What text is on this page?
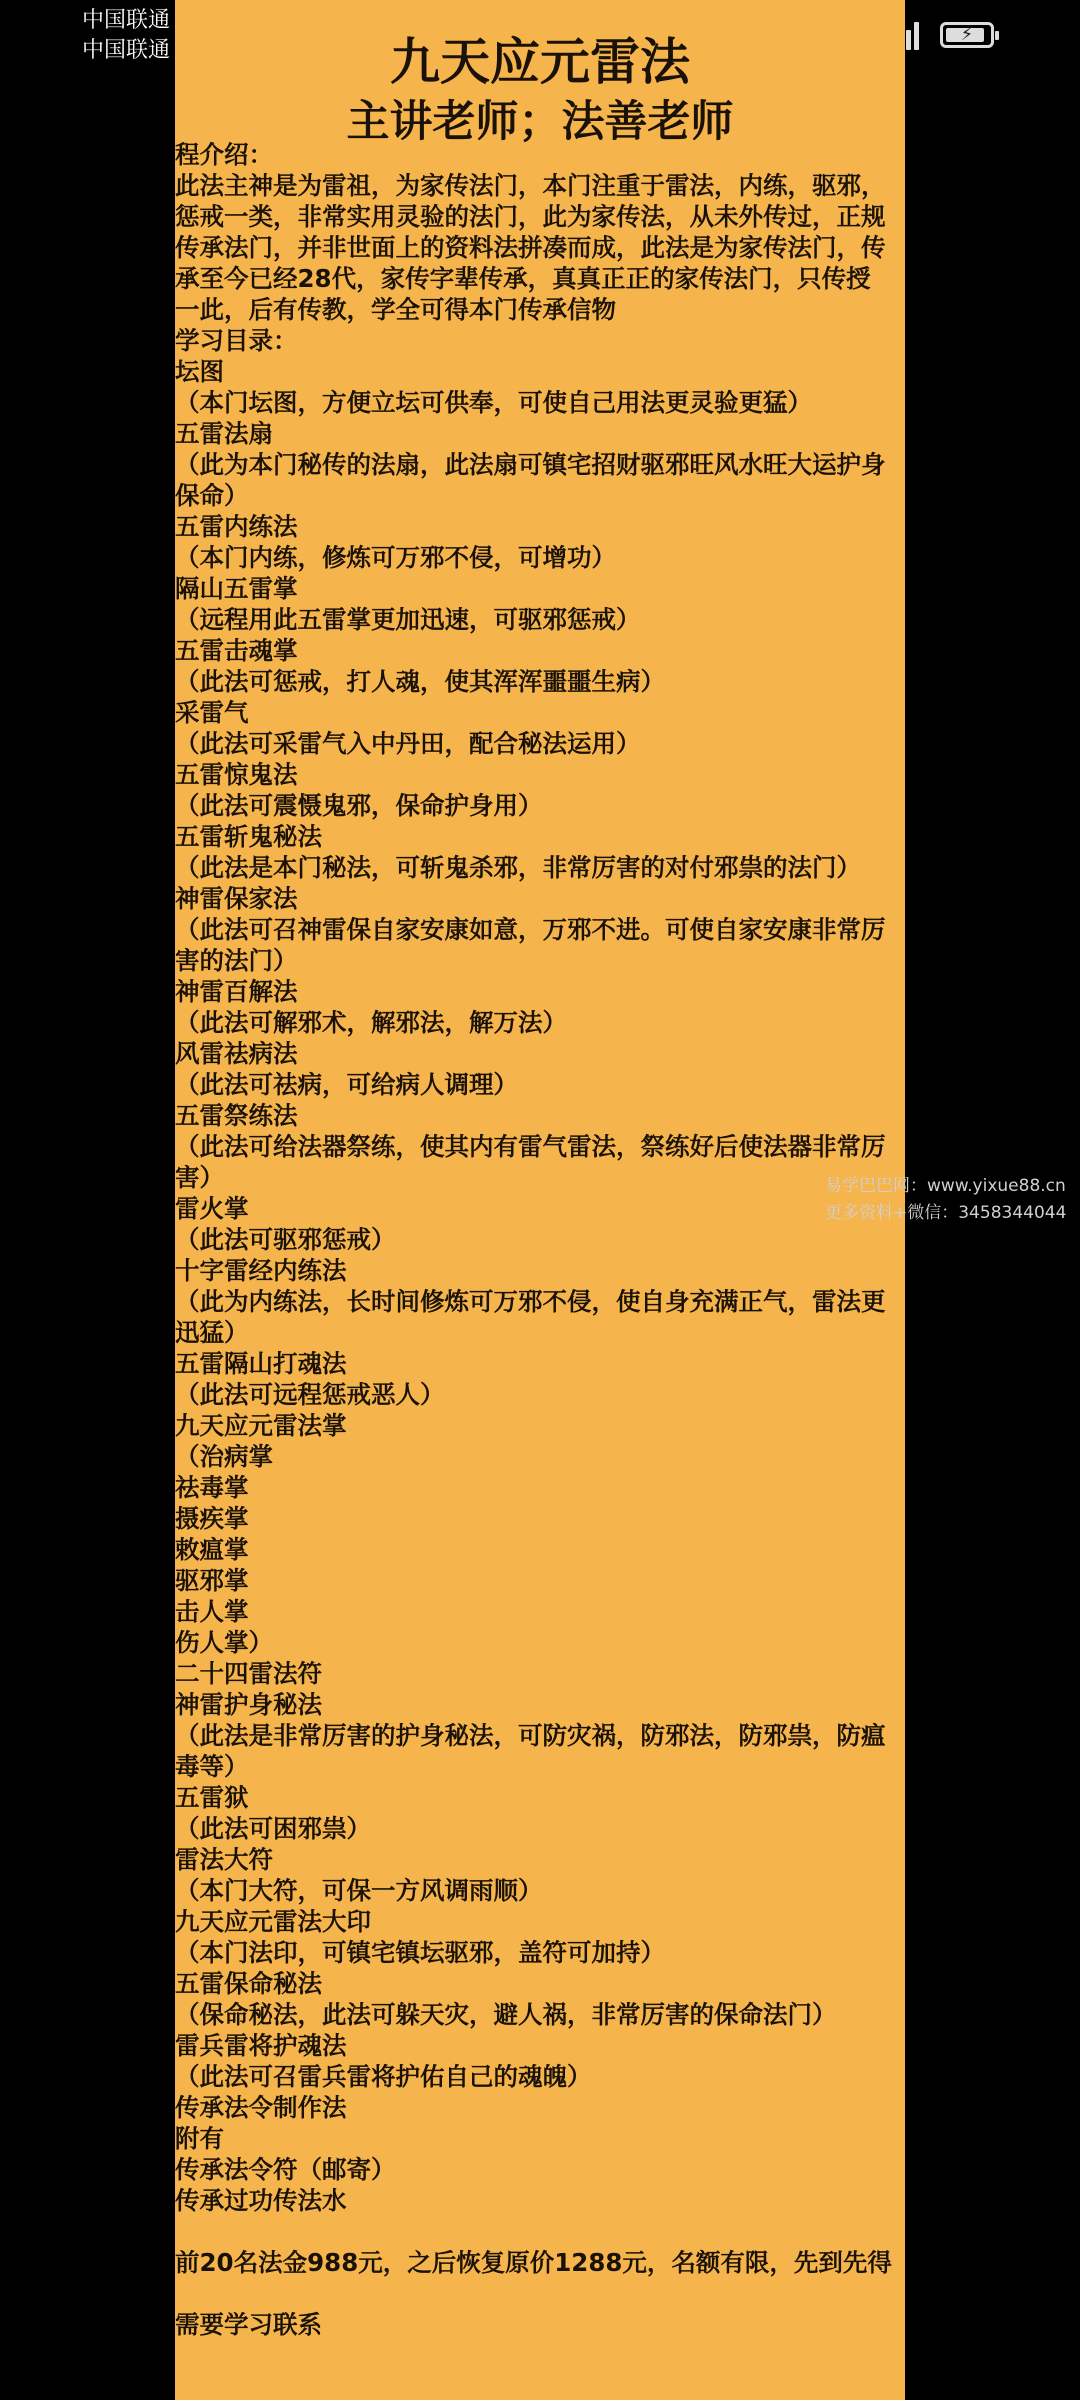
中国联通
中国联通
⚡
九天应元雷法
主讲老师；法善老师

程介绍：

此法主神是为雷祖，为家传法门，本门注重于雷法，内练，驱邪，惩戒一类，非常实用灵验的法门，此为家传法，从未外传过，正规传承法门，并非世面上的资料法拼凑而成，此法是为家传法门，传承至今已经28代，家传字辈传承，真真正正的家传法门，只传授一此，后有传教，学全可得本门传承信物

学习目录：

坛图

（本门坛图，方便立坛可供奉，可使自己用法更灵验更猛）

五雷法扇

（此为本门秘传的法扇，此法扇可镇宅招财驱邪旺风水旺大运护身保命）

五雷内练法

（本门内练，修炼可万邪不侵，可增功）

隔山五雷掌

（远程用此五雷掌更加迅速，可驱邪惩戒）

五雷击魂掌

（此法可惩戒，打人魂，使其浑浑噩噩生病）

采雷气

（此法可采雷气入中丹田，配合秘法运用）

五雷惊鬼法

（此法可震慑鬼邪，保命护身用）

五雷斩鬼秘法

（此法是本门秘法，可斩鬼杀邪，非常厉害的对付邪祟的法门）

神雷保家法

（此法可召神雷保自家安康如意，万邪不进。可使自家安康非常厉害的法门）

神雷百解法

（此法可解邪术，解邪法，解万法）

风雷祛病法

（此法可祛病，可给病人调理）

五雷祭练法

（此法可给法器祭练，使其内有雷气雷法，祭练好后使法器非常厉害）

雷火掌

（此法可驱邪惩戒）

十字雷经内练法

（此为内练法，长时间修炼可万邪不侵，使自身充满正气，雷法更迅猛）

五雷隔山打魂法

（此法可远程惩戒恶人）

九天应元雷法掌

（治病掌

祛毒掌

摄疾掌

敕瘟掌

驱邪掌

击人掌

伤人掌）

二十四雷法符

神雷护身秘法

（此法是非常厉害的护身秘法，可防灾祸，防邪法，防邪祟，防瘟毒等）

五雷狱

（此法可困邪祟）

雷法大符

（本门大符，可保一方风调雨顺）

九天应元雷法大印

（本门法印，可镇宅镇坛驱邪，盖符可加持）

五雷保命秘法

（保命秘法，此法可躲天灾，避人祸，非常厉害的保命法门）

雷兵雷将护魂法

（此法可召雷兵雷将护佑自己的魂魄）

传承法令制作法

附有

传承法令符（邮寄）

传承过功传法水

前20名法金988元，之后恢复原价1288元，名额有限，先到先得

需要学习联系

易学巴巴网：www.yixue88.cn
更多资料+微信：3458344044
